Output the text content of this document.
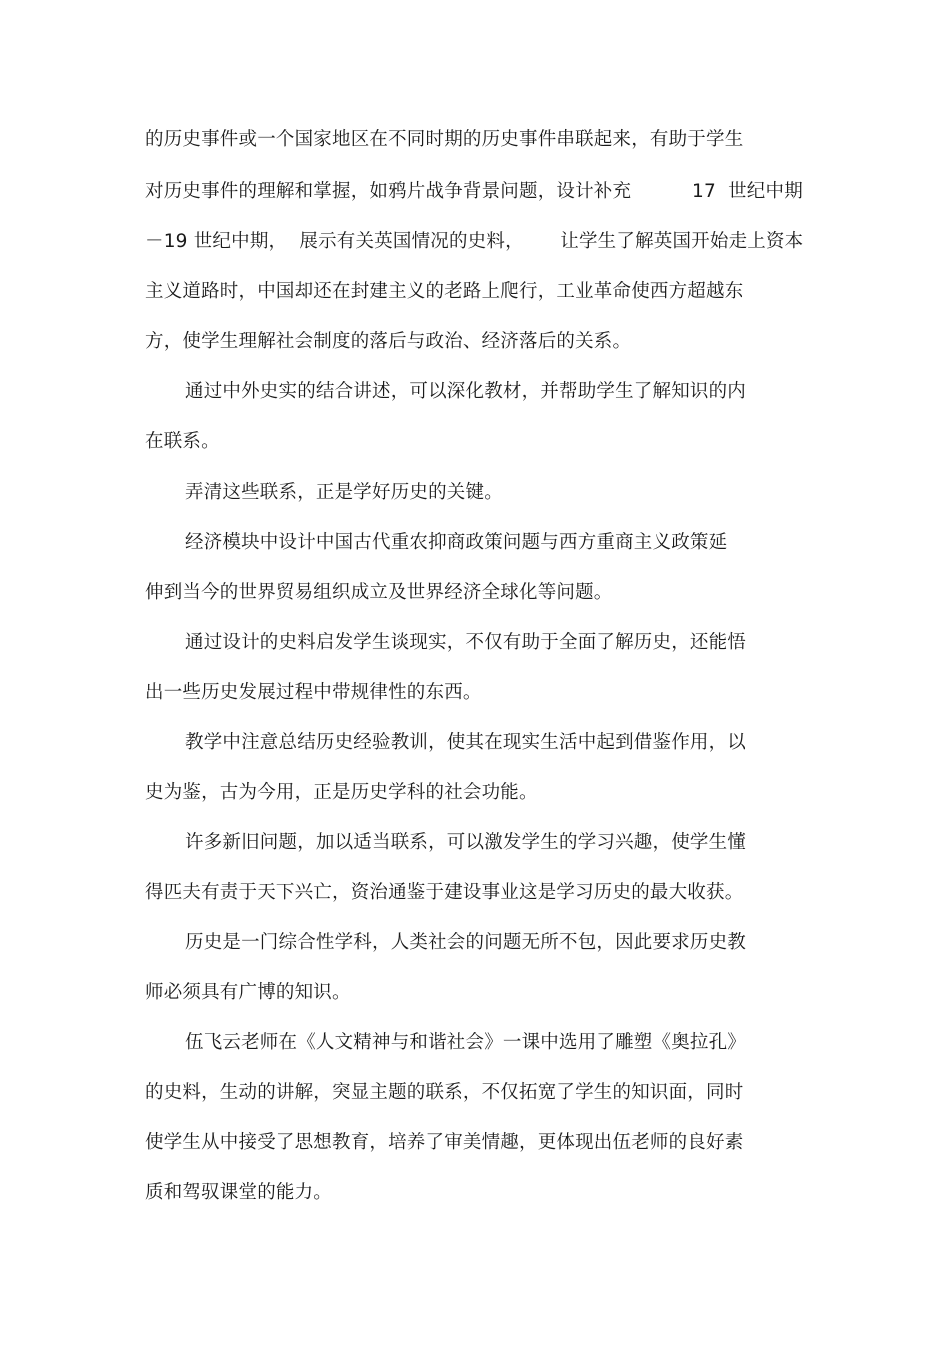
的历史事件或一个国家地区在不同时期的历史事件串联起来，有助于学生
对历史事件的理解和掌握，如鸦片战争背景问题，设计补充          17  世纪中期
－19 世纪中期，  展示有关英国情况的史料，      让学生了解英国开始走上资本
主义道路时，中国却还在封建主义的老路上爬行，工业革命使西方超越东
方，使学生理解社会制度的落后与政治、经济落后的关系。
通过中外史实的结合讲述，可以深化教材，并帮助学生了解知识的内
在联系。
弄清这些联系，正是学好历史的关键。
经济模块中设计中国古代重农抑商政策问题与西方重商主义政策延
伸到当今的世界贸易组织成立及世界经济全球化等问题。
通过设计的史料启发学生谈现实，不仅有助于全面了解历史，还能悟
出一些历史发展过程中带规律性的东西。
教学中注意总结历史经验教训，使其在现实生活中起到借鉴作用，以
史为鉴，古为今用，正是历史学科的社会功能。
许多新旧问题，加以适当联系，可以激发学生的学习兴趣，使学生懂
得匹夫有责于天下兴亡，资治通鉴于建设事业这是学习历史的最大收获。
历史是一门综合性学科，人类社会的问题无所不包，因此要求历史教
师必须具有广博的知识。
伍飞云老师在《人文精神与和谐社会》一课中选用了雕塑《奥拉孔》
的史料，生动的讲解，突显主题的联系，不仅拓宽了学生的知识面，同时
使学生从中接受了思想教育，培养了审美情趣，更体现出伍老师的良好素
质和驾驭课堂的能力。
